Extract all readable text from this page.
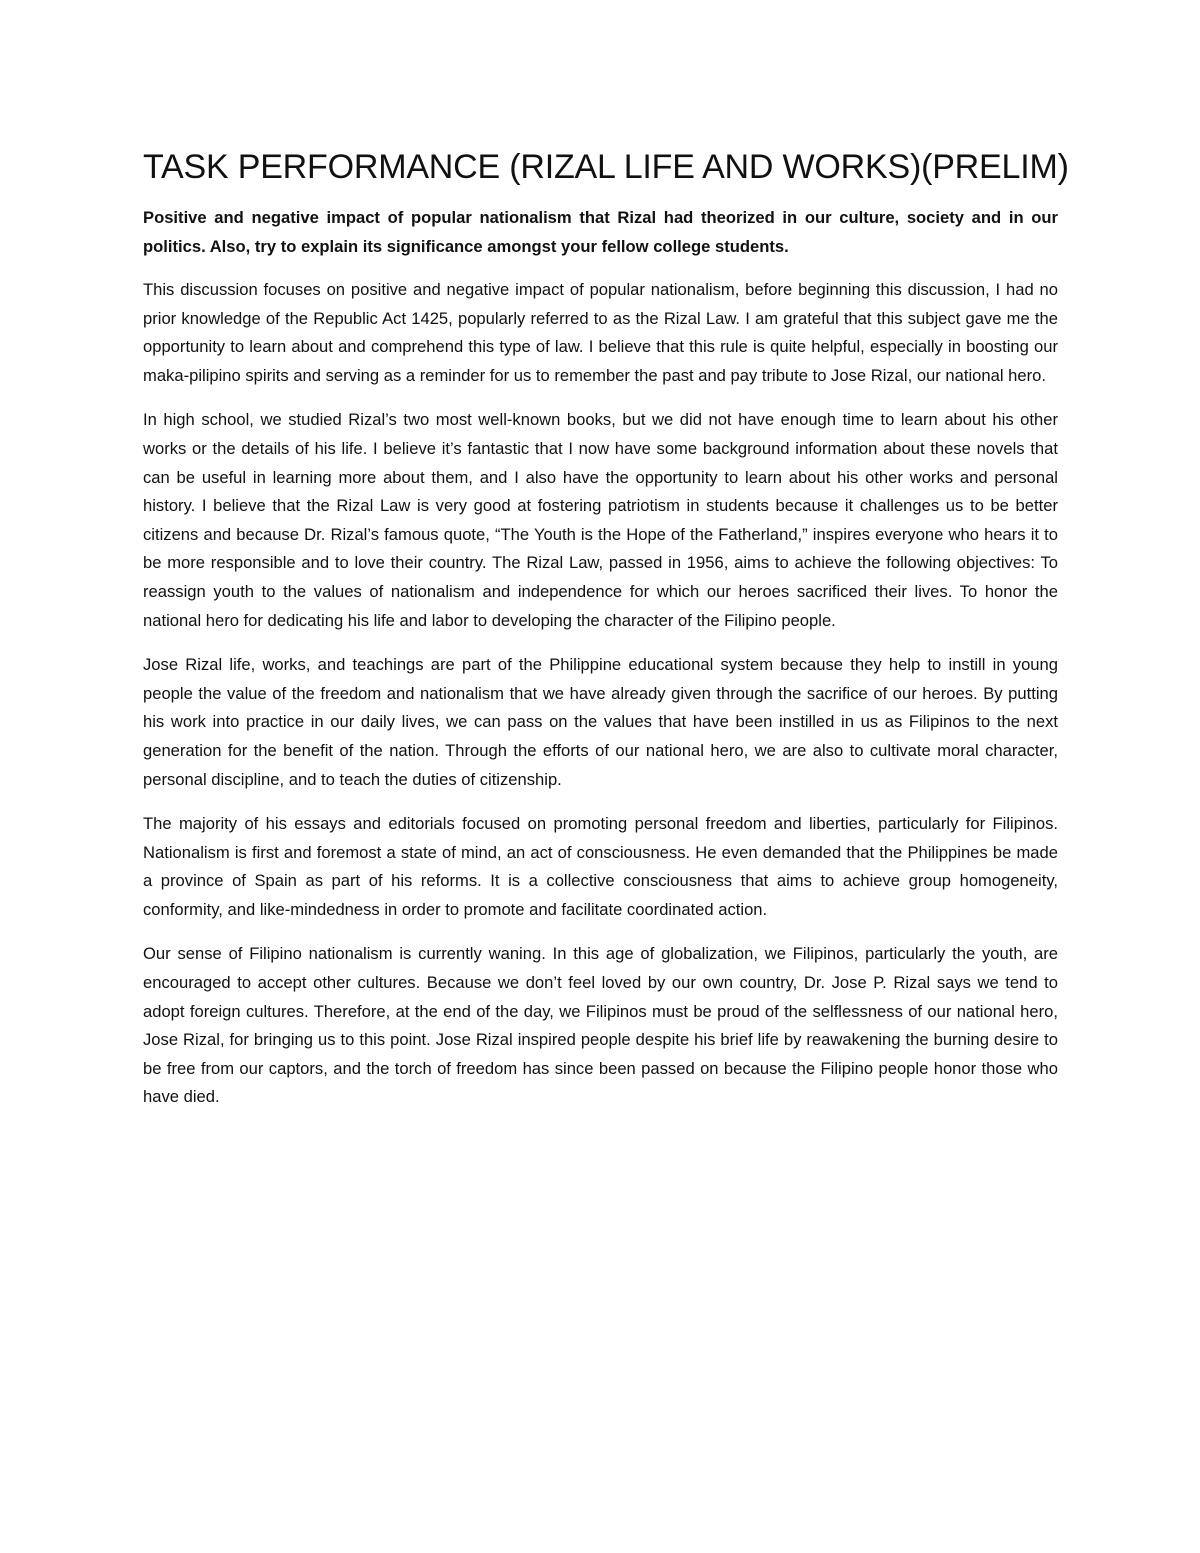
TASK PERFORMANCE (RIZAL LIFE AND WORKS)(PRELIM)

Positive and negative impact of popular nationalism that Rizal had theorized in our culture, society and in our politics. Also, try to explain its significance amongst your fellow college students.

This discussion focuses on positive and negative impact of popular nationalism, before beginning this discussion, I had no prior knowledge of the Republic Act 1425, popularly referred to as the Rizal Law. I am grateful that this subject gave me the opportunity to learn about and comprehend this type of law. I believe that this rule is quite helpful, especially in boosting our maka-pilipino spirits and serving as a reminder for us to remember the past and pay tribute to Jose Rizal, our national hero.

In high school, we studied Rizal’s two most well-known books, but we did not have enough time to learn about his other works or the details of his life. I believe it’s fantastic that I now have some background information about these novels that can be useful in learning more about them, and I also have the opportunity to learn about his other works and personal history. I believe that the Rizal Law is very good at fostering patriotism in students because it challenges us to be better citizens and because Dr. Rizal’s famous quote, “The Youth is the Hope of the Fatherland,” inspires everyone who hears it to be more responsible and to love their country. The Rizal Law, passed in 1956, aims to achieve the following objectives: To reassign youth to the values of nationalism and independence for which our heroes sacrificed their lives. To honor the national hero for dedicating his life and labor to developing the character of the Filipino people.

Jose Rizal life, works, and teachings are part of the Philippine educational system because they help to instill in young people the value of the freedom and nationalism that we have already given through the sacrifice of our heroes. By putting his work into practice in our daily lives, we can pass on the values that have been instilled in us as Filipinos to the next generation for the benefit of the nation. Through the efforts of our national hero, we are also to cultivate moral character, personal discipline, and to teach the duties of citizenship.

The majority of his essays and editorials focused on promoting personal freedom and liberties, particularly for Filipinos. Nationalism is first and foremost a state of mind, an act of consciousness. He even demanded that the Philippines be made a province of Spain as part of his reforms. It is a collective consciousness that aims to achieve group homogeneity, conformity, and like-mindedness in order to promote and facilitate coordinated action.

Our sense of Filipino nationalism is currently waning. In this age of globalization, we Filipinos, particularly the youth, are encouraged to accept other cultures. Because we don’t feel loved by our own country, Dr. Jose P. Rizal says we tend to adopt foreign cultures. Therefore, at the end of the day, we Filipinos must be proud of the selflessness of our national hero, Jose Rizal, for bringing us to this point. Jose Rizal inspired people despite his brief life by reawakening the burning desire to be free from our captors, and the torch of freedom has since been passed on because the Filipino people honor those who have died.
